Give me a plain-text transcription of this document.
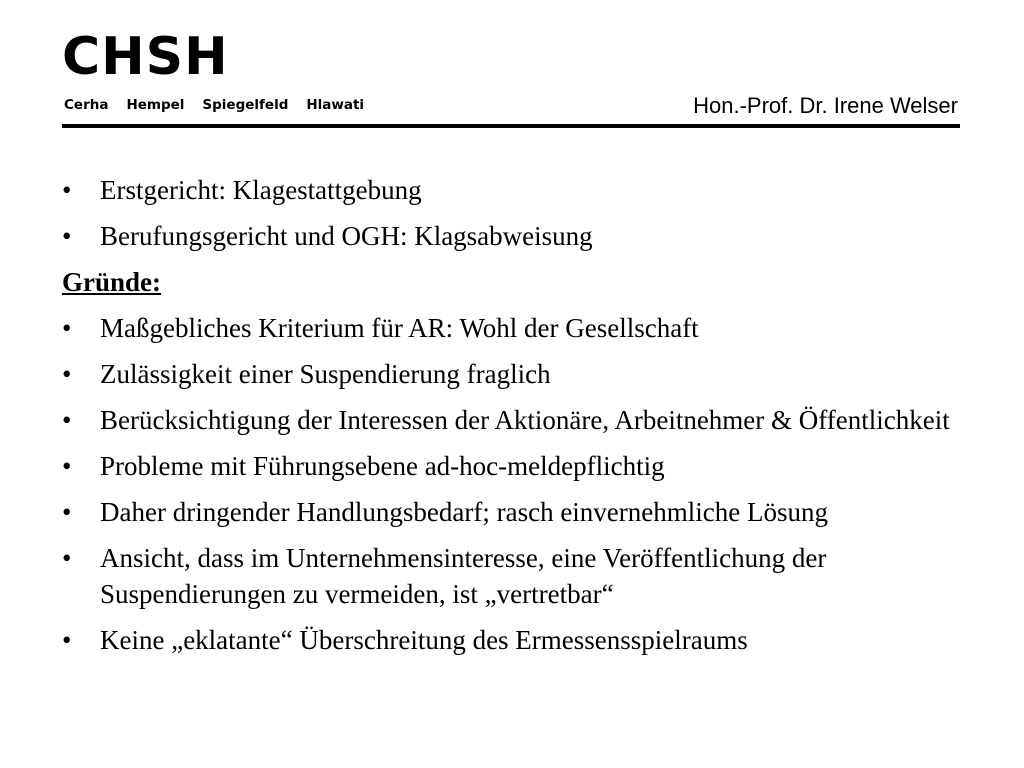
CHSH
Cerha Hempel Spiegelfeld Hlawati	Hon.-Prof. Dr. Irene Welser
• Erstgericht: Klagestattgebung
• Berufungsgericht und OGH: Klagsabweisung
Gründe:
• Maßgebliches Kriterium für AR: Wohl der Gesellschaft
• Zulässigkeit einer Suspendierung fraglich
• Berücksichtigung der Interessen der Aktionäre, Arbeitnehmer & Öffentlichkeit
• Probleme mit Führungsebene ad-hoc-meldepflichtig
• Daher dringender Handlungsbedarf; rasch einvernehmliche Lösung
• Ansicht, dass im Unternehmensinteresse, eine Veröffentlichung der Suspendierungen zu vermeiden, ist „vertretbar“
• Keine „eklatante“ Überschreitung des Ermessensspielraums
